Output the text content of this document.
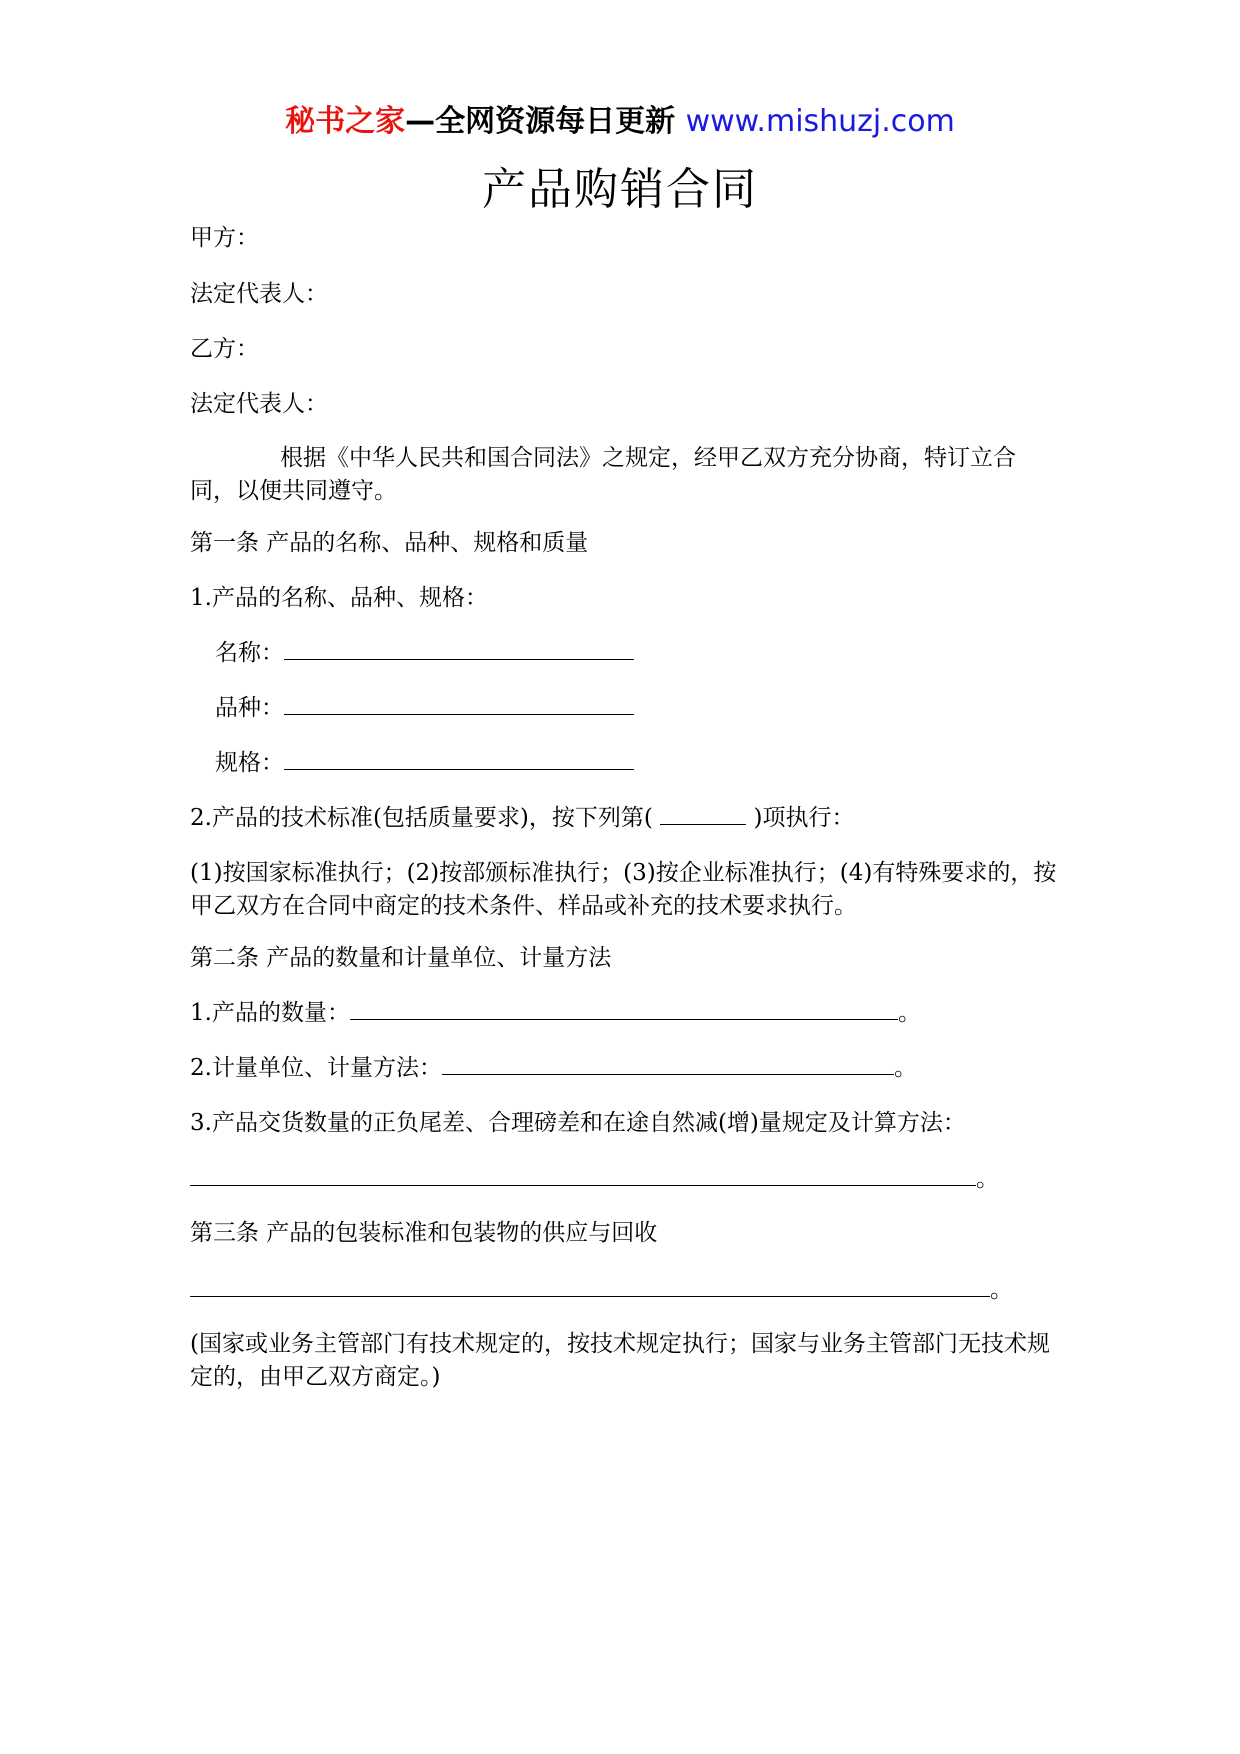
秘书之家—全网资源每日更新 www.mishuzj.com
产品购销合同
甲方：
法定代表人：
乙方：
法定代表人：
根据《中华人民共和国合同法》之规定，经甲乙双方充分协商，特订立合同，以便共同遵守。
第一条 产品的名称、品种、规格和质量
1.产品的名称、品种、规格：
名称：
品种：
规格：
2.产品的技术标准(包括质量要求)，按下列第(	)项执行：
(1)按国家标准执行；(2)按部颁标准执行；(3)按企业标准执行；(4)有特殊要求的，按甲乙双方在合同中商定的技术条件、样品或补充的技术要求执行。
第二条 产品的数量和计量单位、计量方法
1.产品的数量：	。
2.计量单位、计量方法：	。
3.产品交货数量的正负尾差、合理磅差和在途自然减(增)量规定及计算方法：
。
第三条 产品的包装标准和包装物的供应与回收
。
(国家或业务主管部门有技术规定的，按技术规定执行；国家与业务主管部门无技术规定的，由甲乙双方商定。)
